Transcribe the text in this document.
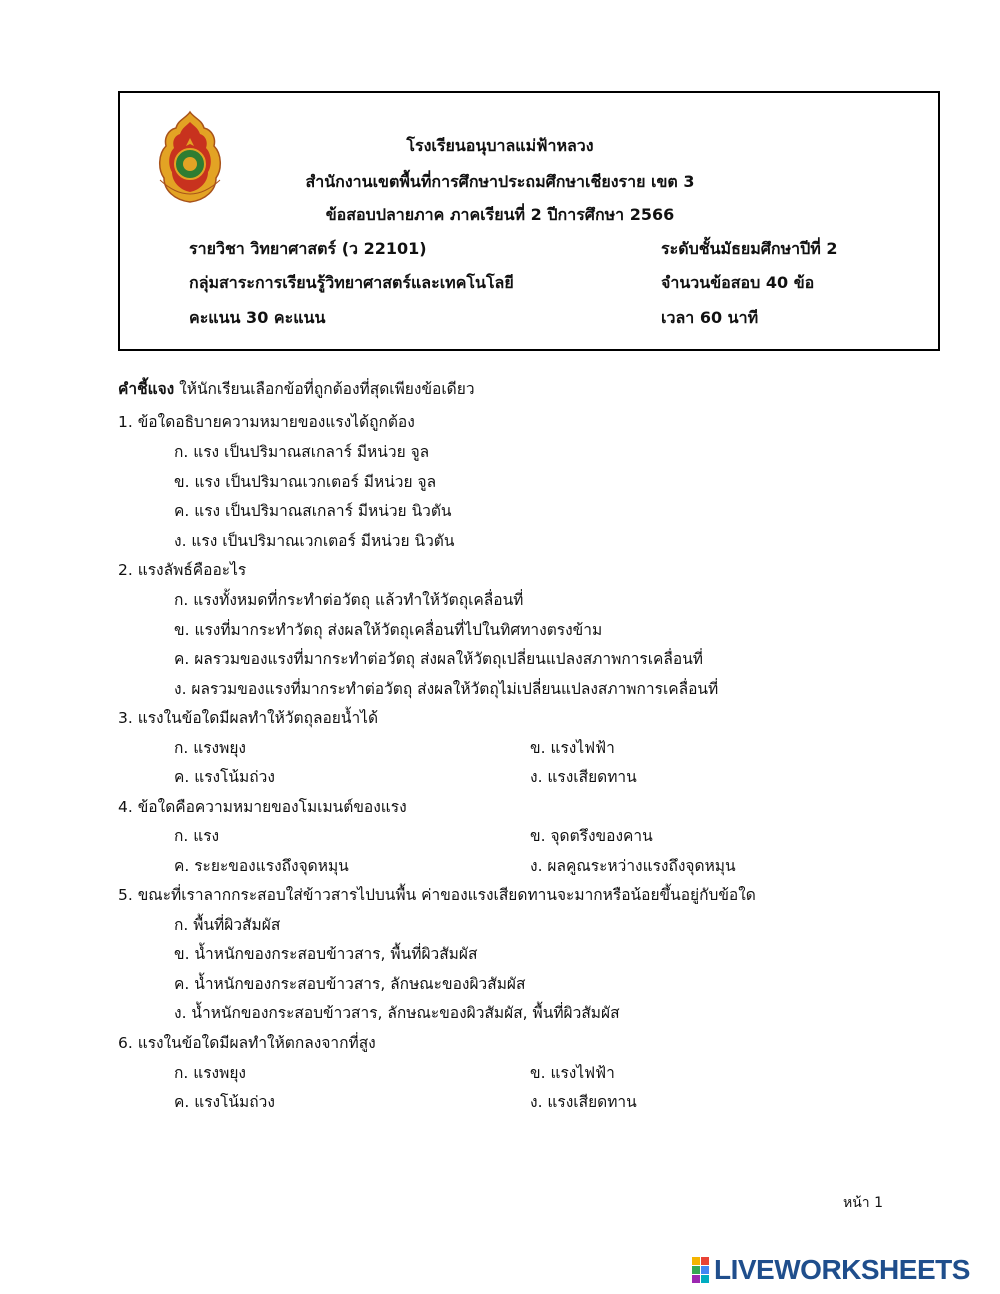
โรงเรียนอนุบาลแม่ฟ้าหลวง
สำนักงานเขตพื้นที่การศึกษาประถมศึกษาเชียงราย เขต 3
ข้อสอบปลายภาค ภาคเรียนที่ 2 ปีการศึกษา 2566
รายวิชา วิทยาศาสตร์ (ว 22101)	ระดับชั้นมัธยมศึกษาปีที่ 2
กลุ่มสาระการเรียนรู้วิทยาศาสตร์และเทคโนโลยี	จำนวนข้อสอบ 40 ข้อ
คะแนน 30 คะแนน	เวลา 60 นาที
คำชี้แจง ให้นักเรียนเลือกข้อที่ถูกต้องที่สุดเพียงข้อเดียว
1. ข้อใดอธิบายความหมายของแรงได้ถูกต้อง
ก. แรง เป็นปริมาณสเกลาร์ มีหน่วย จูล
ข. แรง เป็นปริมาณเวกเตอร์ มีหน่วย จูล
ค. แรง เป็นปริมาณสเกลาร์ มีหน่วย นิวตัน
ง. แรง เป็นปริมาณเวกเตอร์ มีหน่วย นิวตัน
2. แรงลัพธ์คืออะไร
ก. แรงทั้งหมดที่กระทำต่อวัตถุ แล้วทำให้วัตถุเคลื่อนที่
ข. แรงที่มากระทำวัตถุ ส่งผลให้วัตถุเคลื่อนที่ไปในทิศทางตรงข้าม
ค. ผลรวมของแรงที่มากระทำต่อวัตถุ ส่งผลให้วัตถุเปลี่ยนแปลงสภาพการเคลื่อนที่
ง. ผลรวมของแรงที่มากระทำต่อวัตถุ ส่งผลให้วัตถุไม่เปลี่ยนแปลงสภาพการเคลื่อนที่
3. แรงในข้อใดมีผลทำให้วัตถุลอยน้ำได้
ก. แรงพยุง	ข. แรงไฟฟ้า
ค. แรงโน้มถ่วง	ง. แรงเสียดทาน
4. ข้อใดคือความหมายของโมเมนต์ของแรง
ก. แรง	ข. จุดตรึงของคาน
ค. ระยะของแรงถึงจุดหมุน	ง. ผลคูณระหว่างแรงถึงจุดหมุน
5. ขณะที่เราลากกระสอบใส่ข้าวสารไปบนพื้น ค่าของแรงเสียดทานจะมากหรือน้อยขึ้นอยู่กับข้อใด
ก. พื้นที่ผิวสัมผัส
ข. น้ำหนักของกระสอบข้าวสาร, พื้นที่ผิวสัมผัส
ค. น้ำหนักของกระสอบข้าวสาร, ลักษณะของผิวสัมผัส
ง. น้ำหนักของกระสอบข้าวสาร, ลักษณะของผิวสัมผัส, พื้นที่ผิวสัมผัส
6. แรงในข้อใดมีผลทำให้ตกลงจากที่สูง
ก. แรงพยุง	ข. แรงไฟฟ้า
ค. แรงโน้มถ่วง	ง. แรงเสียดทาน
หน้า 1
LIVEWORKSHEETS
